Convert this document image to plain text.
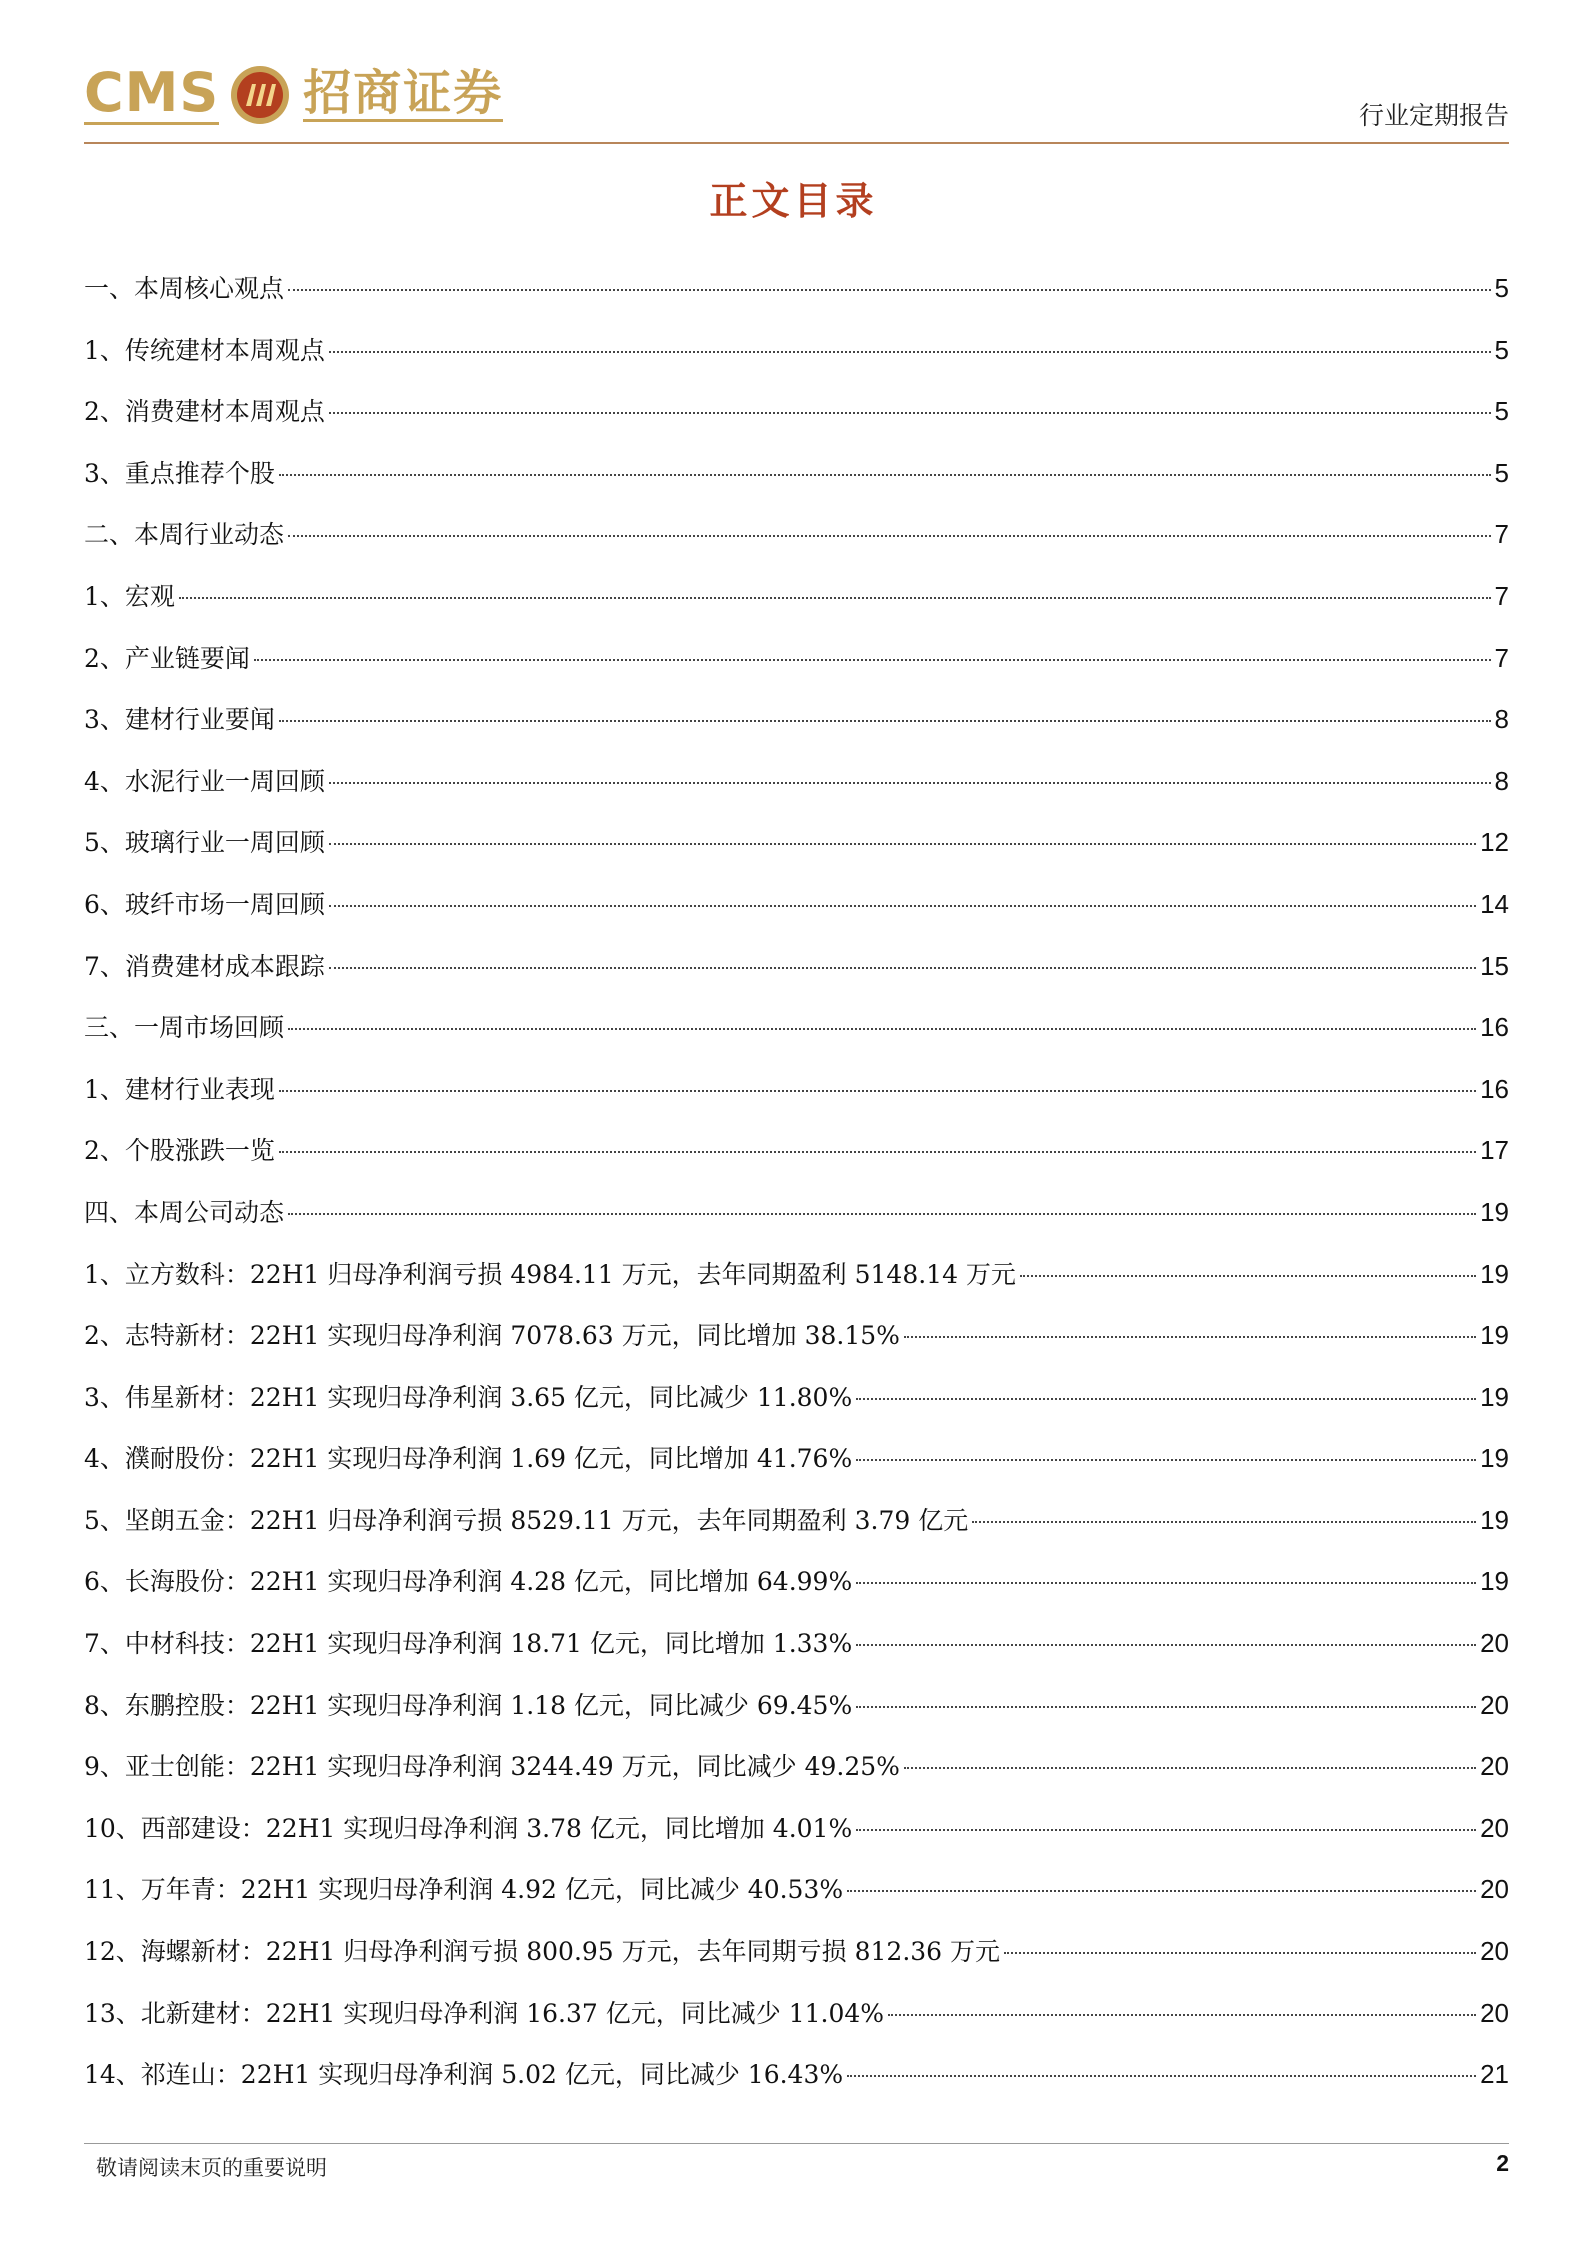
CMS 招商证券	行业定期报告
正文目录
一、本周核心观点	5
1、传统建材本周观点	5
2、消费建材本周观点	5
3、重点推荐个股	5
二、本周行业动态	7
1、宏观	7
2、产业链要闻	7
3、建材行业要闻	8
4、水泥行业一周回顾	8
5、玻璃行业一周回顾	12
6、玻纤市场一周回顾	14
7、消费建材成本跟踪	15
三、一周市场回顾	16
1、建材行业表现	16
2、个股涨跌一览	17
四、本周公司动态	19
1、立方数科：22H1 归母净利润亏损 4984.11 万元，去年同期盈利 5148.14 万元	19
2、志特新材：22H1 实现归母净利润 7078.63 万元，同比增加 38.15%	19
3、伟星新材：22H1 实现归母净利润 3.65 亿元，同比减少 11.80%	19
4、濮耐股份：22H1 实现归母净利润 1.69 亿元，同比增加 41.76%	19
5、坚朗五金：22H1 归母净利润亏损 8529.11 万元，去年同期盈利 3.79 亿元	19
6、长海股份：22H1 实现归母净利润 4.28 亿元，同比增加 64.99%	19
7、中材科技：22H1 实现归母净利润 18.71 亿元，同比增加 1.33%	20
8、东鹏控股：22H1 实现归母净利润 1.18 亿元，同比减少 69.45%	20
9、亚士创能：22H1 实现归母净利润 3244.49 万元，同比减少 49.25%	20
10、西部建设：22H1 实现归母净利润 3.78 亿元，同比增加 4.01%	20
11、万年青：22H1 实现归母净利润 4.92 亿元，同比减少 40.53%	20
12、海螺新材：22H1 归母净利润亏损 800.95 万元，去年同期亏损 812.36 万元	20
13、北新建材：22H1 实现归母净利润 16.37 亿元，同比减少 11.04%	20
14、祁连山：22H1 实现归母净利润 5.02 亿元，同比减少 16.43%	21
敬请阅读末页的重要说明	2
